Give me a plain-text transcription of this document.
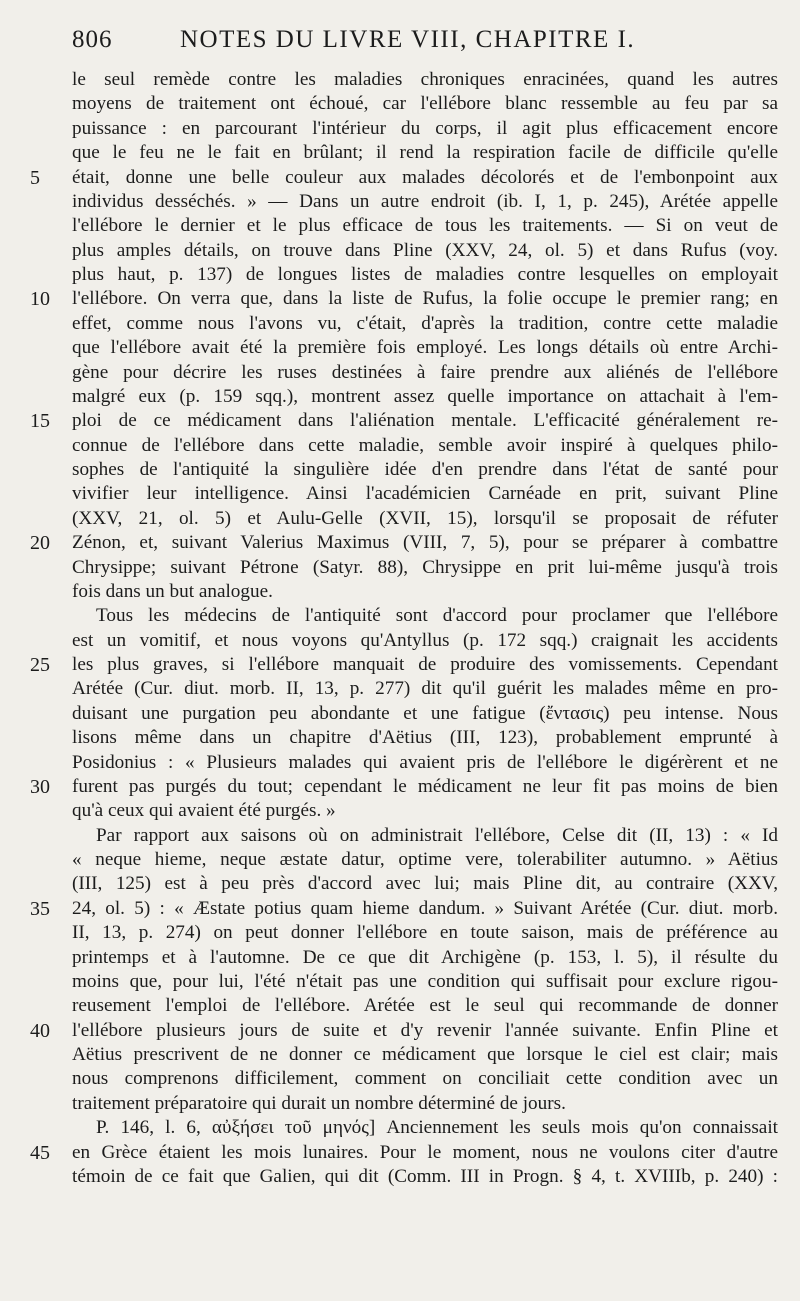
806	NOTES DU LIVRE VIII, CHAPITRE I.
le seul remède contre les maladies chroniques enracinées, quand les autres
moyens de traitement ont échoué, car l'ellébore blanc ressemble au feu par sa
puissance : en parcourant l'intérieur du corps, il agit plus efficacement encore
que le feu ne le fait en brûlant; il rend la respiration facile de difficile qu'elle
était, donne une belle couleur aux malades décolorés et de l'embonpoint aux
individus desséchés. » — Dans un autre endroit (ib. I, 1, p. 245), Arétée appelle
l'ellébore le dernier et le plus efficace de tous les traitements. — Si on veut de
plus amples détails, on trouve dans Pline (XXV, 24, ol. 5) et dans Rufus (voy.
plus haut, p. 137) de longues listes de maladies contre lesquelles on employait
l'ellébore. On verra que, dans la liste de Rufus, la folie occupe le premier rang; en
effet, comme nous l'avons vu, c'était, d'après la tradition, contre cette maladie
que l'ellébore avait été la première fois employé. Les longs détails où entre Archi-
gène pour décrire les ruses destinées à faire prendre aux aliénés de l'ellébore
malgré eux (p. 159 sqq.), montrent assez quelle importance on attachait à l'em-
ploi de ce médicament dans l'aliénation mentale. L'efficacité généralement re-
connue de l'ellébore dans cette maladie, semble avoir inspiré à quelques philo-
sophes de l'antiquité la singulière idée d'en prendre dans l'état de santé pour
vivifier leur intelligence. Ainsi l'académicien Carnéade en prit, suivant Pline
(XXV, 21, ol. 5) et Aulu-Gelle (XVII, 15), lorsqu'il se proposait de réfuter
Zénon, et, suivant Valerius Maximus (VIII, 7, 5), pour se préparer à combattre
Chrysippe; suivant Pétrone (Satyr. 88), Chrysippe en prit lui-même jusqu'à trois
fois dans un but analogue.
Tous les médecins de l'antiquité sont d'accord pour proclamer que l'ellébore
est un vomitif, et nous voyons qu'Antyllus (p. 172 sqq.) craignait les accidents
les plus graves, si l'ellébore manquait de produire des vomissements. Cependant
Arétée (Cur. diut. morb. II, 13, p. 277) dit qu'il guérit les malades même en pro-
duisant une purgation peu abondante et une fatigue (ἔντασις) peu intense. Nous
lisons même dans un chapitre d'Aëtius (III, 123), probablement emprunté à
Posidonius : « Plusieurs malades qui avaient pris de l'ellébore le digérèrent et ne
furent pas purgés du tout; cependant le médicament ne leur fit pas moins de bien
qu'à ceux qui avaient été purgés. »
Par rapport aux saisons où on administrait l'ellébore, Celse dit (II, 13) : « Id
« neque hieme, neque æstate datur, optime vere, tolerabiliter autumno. » Aëtius
(III, 125) est à peu près d'accord avec lui; mais Pline dit, au contraire (XXV,
24, ol. 5) : « Æstate potius quam hieme dandum. » Suivant Arétée (Cur. diut. morb.
II, 13, p. 274) on peut donner l'ellébore en toute saison, mais de préférence au
printemps et à l'automne. De ce que dit Archigène (p. 153, l. 5), il résulte du
moins que, pour lui, l'été n'était pas une condition qui suffisait pour exclure rigou-
reusement l'emploi de l'ellébore. Arétée est le seul qui recommande de donner
l'ellébore plusieurs jours de suite et d'y revenir l'année suivante. Enfin Pline et
Aëtius prescrivent de ne donner ce médicament que lorsque le ciel est clair; mais
nous comprenons difficilement, comment on conciliait cette condition avec un
traitement préparatoire qui durait un nombre déterminé de jours.
P. 146, l. 6, αὐξήσει τοῦ μηνός] Anciennement les seuls mois qu'on connaissait
en Grèce étaient les mois lunaires. Pour le moment, nous ne voulons citer d'autre
témoin de ce fait que Galien, qui dit (Comm. III in Progn. § 4, t. XVIIIb, p. 240) :
5
10
15
20
25
30
35
40
45
